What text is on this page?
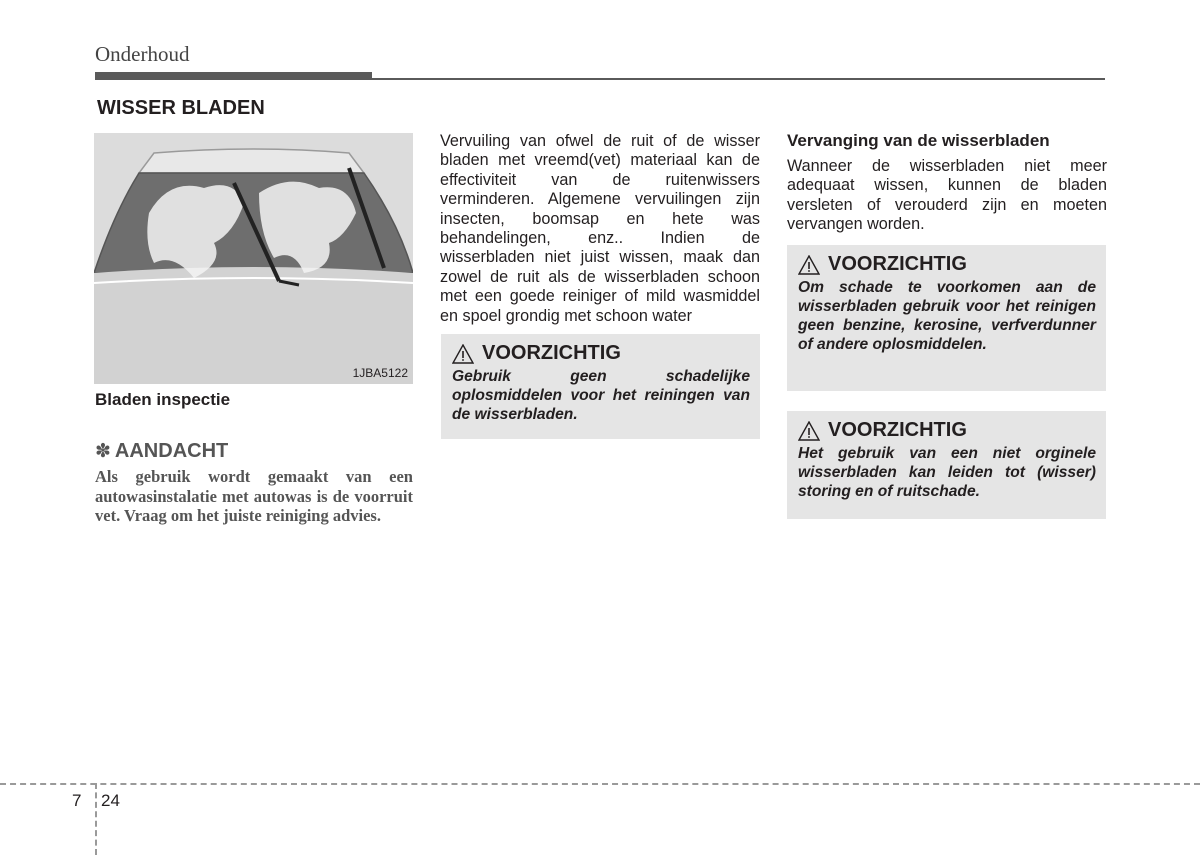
Onderhoud
WISSER BLADEN
1JBA5122
Bladen inspectie
✽ AANDACHT
Als gebruik wordt gemaakt van een autowasinstalatie met autowas is de voorruit vet. Vraag om het juiste reiniging advies.
Vervuiling van ofwel de ruit of de wisser bladen met vreemd(vet) materiaal kan de effectiviteit van de ruitenwissers verminderen. Algemene vervuilingen zijn insecten, boomsap en hete was behandelingen, enz.. Indien de wisserbladen niet juist wissen, maak dan zowel de ruit als de wisserbladen schoon met een goede reiniger of mild wasmiddel en spoel grondig met schoon water
VOORZICHTIG
Gebruik geen schadelijke oplosmiddelen voor het reiningen van de wisserbladen.
Vervanging van de wisserbladen
Wanneer de wisserbladen niet meer adequaat wissen, kunnen de bladen versleten of verouderd zijn en moeten vervangen worden.
VOORZICHTIG
Om schade te voorkomen aan de wisserbladen gebruik voor het reinigen geen benzine, kerosine, verfverdunner of andere oplosmiddelen.
VOORZICHTIG
Het gebruik van een niet orginele wisserbladen kan leiden tot (wisser) storing en of ruitschade.
7 24
